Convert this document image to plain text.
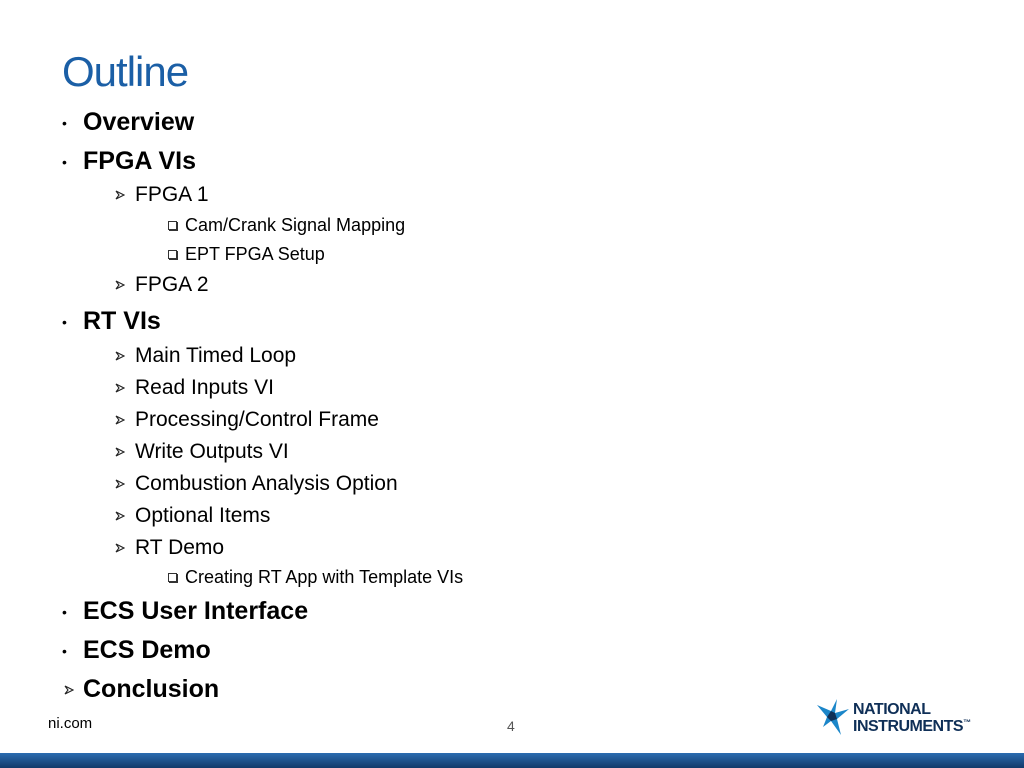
Outline
• Overview
• FPGA VIs
FPGA 1
Cam/Crank Signal Mapping
EPT FPGA Setup
FPGA 2
• RT VIs
Main Timed Loop
Read Inputs VI
Processing/Control Frame
Write Outputs VI
Combustion Analysis Option
Optional Items
RT Demo
Creating RT App with Template VIs
• ECS User Interface
• ECS Demo
Conclusion
ni.com	4
NATIONAL
INSTRUMENTS ™
